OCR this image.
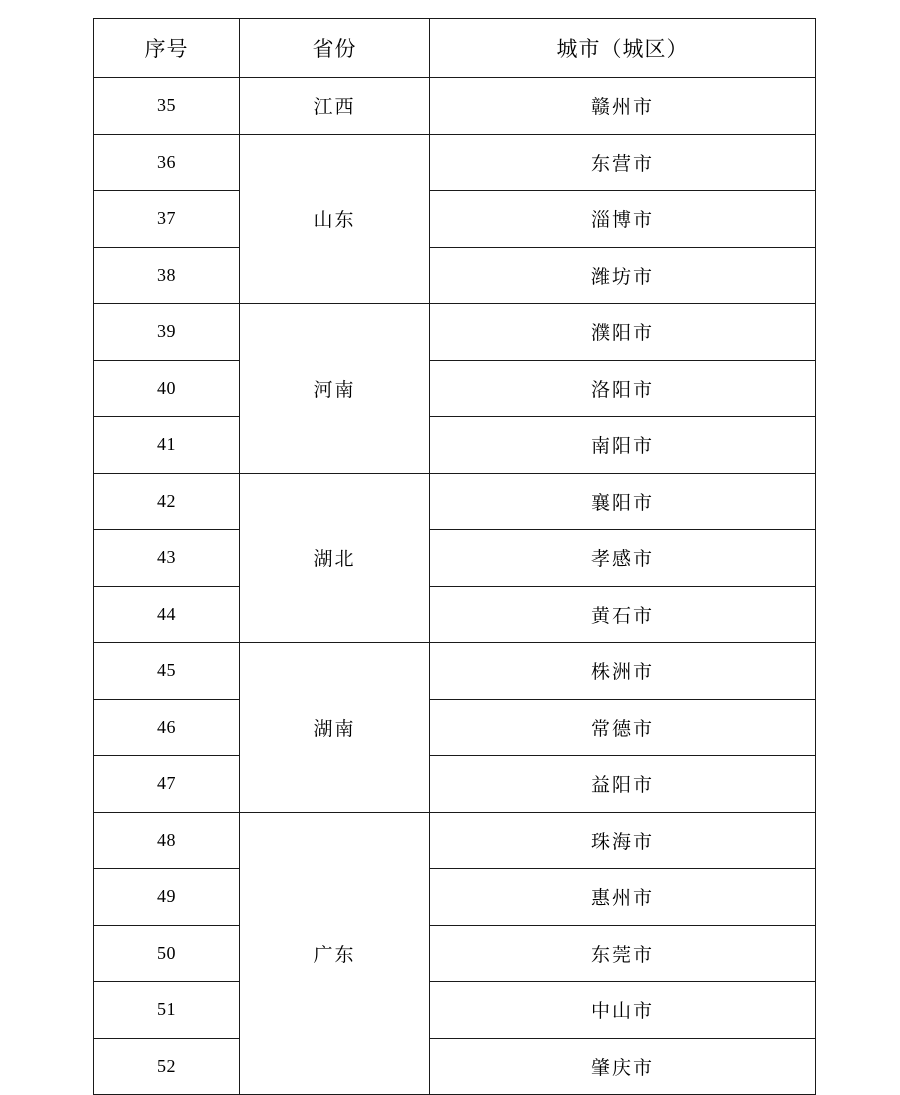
序号	省份	城市（城区）
35	江西	赣州市
36	山东	东营市
37		淄博市
38		潍坊市
39	河南	濮阳市
40		洛阳市
41		南阳市
42	湖北	襄阳市
43		孝感市
44		黄石市
45	湖南	株洲市
46		常德市
47		益阳市
48	广东	珠海市
49		惠州市
50		东莞市
51		中山市
52		肇庆市
